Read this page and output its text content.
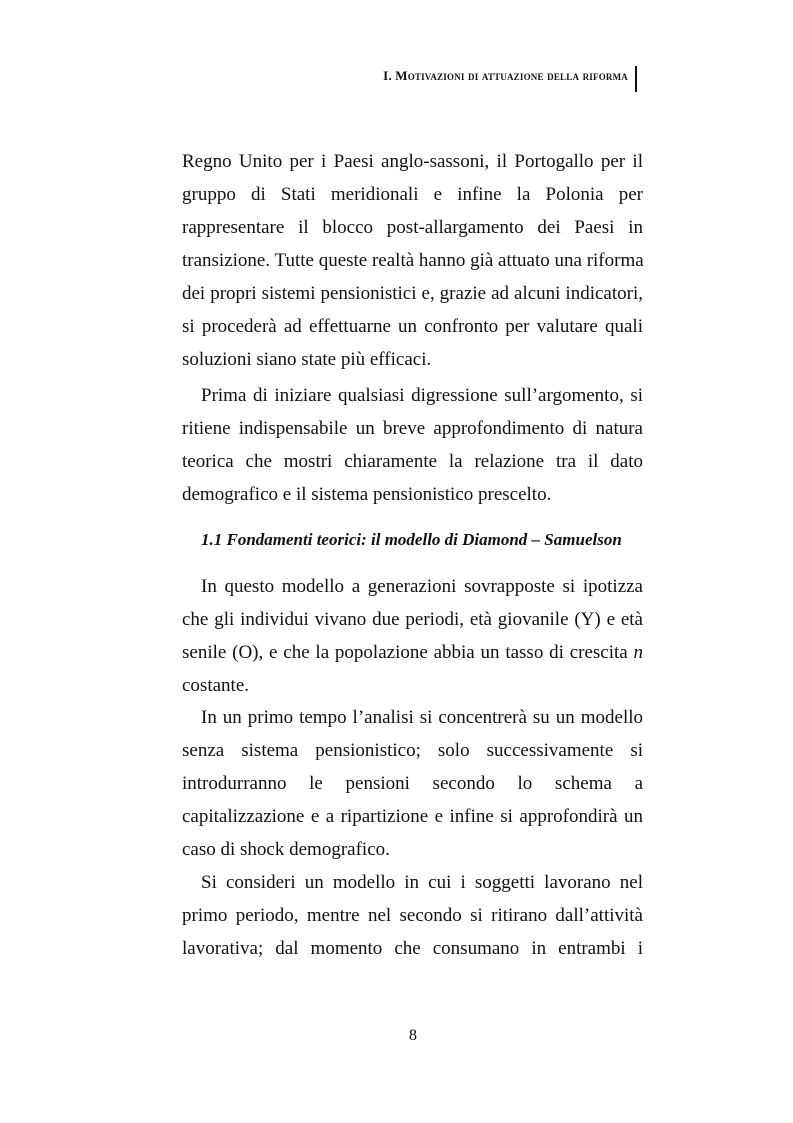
I. Motivazioni di attuazione della riforma
Regno Unito per i Paesi anglo-sassoni, il Portogallo per il
gruppo di Stati meridionali e infine la Polonia per
rappresentare il blocco post-allargamento dei Paesi in
transizione. Tutte queste realtà hanno già attuato una riforma
dei propri sistemi pensionistici e, grazie ad alcuni indicatori,
si procederà ad effettuarne un confronto per valutare quali
soluzioni siano state più efficaci.
Prima di iniziare qualsiasi digressione sull’argomento, si
ritiene indispensabile un breve approfondimento di natura
teorica che mostri chiaramente la relazione tra il dato
demografico e il sistema pensionistico prescelto.
1.1 Fondamenti teorici: il modello di Diamond – Samuelson
In questo modello a generazioni sovrapposte si ipotizza
che gli individui vivano due periodi, età giovanile (Y) e età
senile (O), e che la popolazione abbia un tasso di crescita n
costante.
In un primo tempo l’analisi si concentrerà su un modello
senza sistema pensionistico; solo successivamente si
introdurranno le pensioni secondo lo schema a
capitalizzazione e a ripartizione e infine si approfondirà un
caso di shock demografico.
Si consideri un modello in cui i soggetti lavorano nel
primo periodo, mentre nel secondo si ritirano dall’attività
lavorativa; dal momento che consumano in entrambi i
8
